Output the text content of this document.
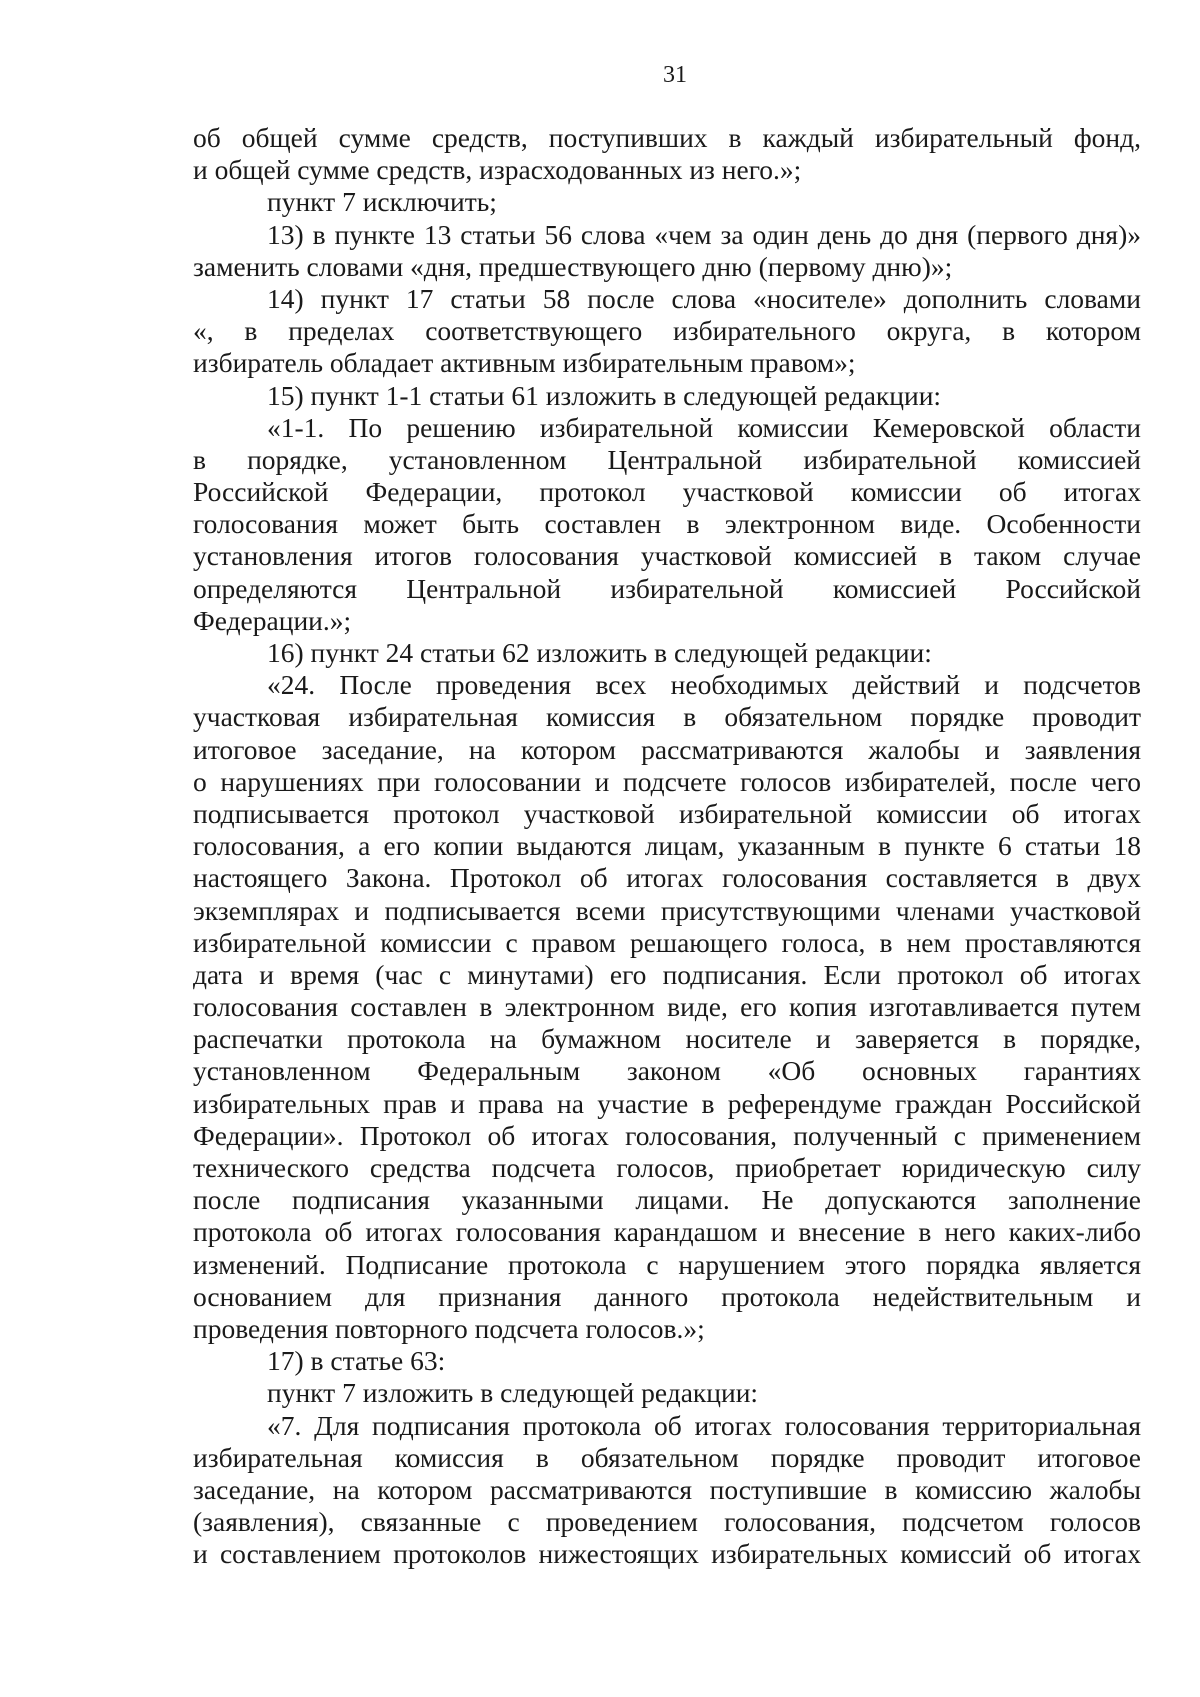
31
об общей сумме средств, поступивших в каждый избирательный фонд,
и общей сумме средств, израсходованных из него.»;
пункт 7 исключить;
13) в пункте 13 статьи 56 слова «чем за один день до дня (первого дня)»
заменить словами «дня, предшествующего дню (первому дню)»;
14) пункт 17 статьи 58 после слова «носителе» дополнить словами
«, в пределах соответствующего избирательного округа, в котором
избиратель обладает активным избирательным правом»;
15) пункт 1-1 статьи 61 изложить в следующей редакции:
«1-1. По решению избирательной комиссии Кемеровской области
в порядке, установленном Центральной избирательной комиссией
Российской Федерации, протокол участковой комиссии об итогах
голосования может быть составлен в электронном виде. Особенности
установления итогов голосования участковой комиссией в таком случае
определяются Центральной избирательной комиссией Российской
Федерации.»;
16) пункт 24 статьи 62 изложить в следующей редакции:
«24. После проведения всех необходимых действий и подсчетов
участковая избирательная комиссия в обязательном порядке проводит
итоговое заседание, на котором рассматриваются жалобы и заявления
о нарушениях при голосовании и подсчете голосов избирателей, после чего
подписывается протокол участковой избирательной комиссии об итогах
голосования, а его копии выдаются лицам, указанным в пункте 6 статьи 18
настоящего Закона. Протокол об итогах голосования составляется в двух
экземплярах и подписывается всеми присутствующими членами участковой
избирательной комиссии с правом решающего голоса, в нем проставляются
дата и время (час с минутами) его подписания. Если протокол об итогах
голосования составлен в электронном виде, его копия изготавливается путем
распечатки протокола на бумажном носителе и заверяется в порядке,
установленном Федеральным законом «Об основных гарантиях
избирательных прав и права на участие в референдуме граждан Российской
Федерации». Протокол об итогах голосования, полученный с применением
технического средства подсчета голосов, приобретает юридическую силу
после подписания указанными лицами. Не допускаются заполнение
протокола об итогах голосования карандашом и внесение в него каких-либо
изменений. Подписание протокола с нарушением этого порядка является
основанием для признания данного протокола недействительным и
проведения повторного подсчета голосов.»;
17) в статье 63:
пункт 7 изложить в следующей редакции:
«7. Для подписания протокола об итогах голосования территориальная
избирательная комиссия в обязательном порядке проводит итоговое
заседание, на котором рассматриваются поступившие в комиссию жалобы
(заявления), связанные с проведением голосования, подсчетом голосов
и составлением протоколов нижестоящих избирательных комиссий об итогах
